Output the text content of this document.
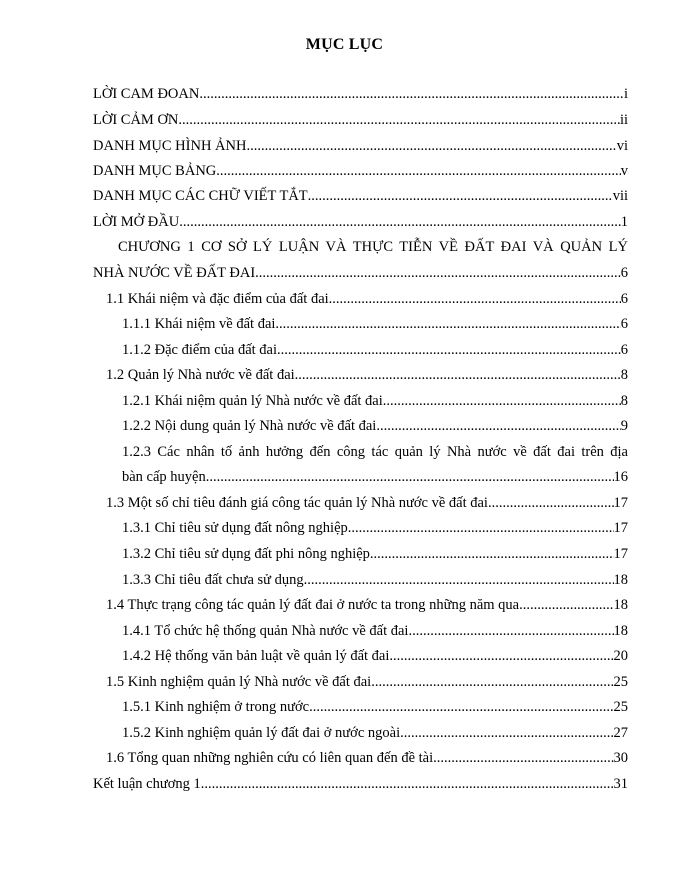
MỤC LỤC
LỜI CAM ĐOAN .....	i
LỜI CẢM ƠN .....	ii
DANH MỤC HÌNH ẢNH .....	vi
DANH MỤC BẢNG .....	v
DANH MỤC CÁC CHỮ VIẾT TẮT .....	vii
LỜI MỞ ĐẦU .....	1
CHƯƠNG 1 CƠ SỞ LÝ LUẬN VÀ THỰC TIỄN VỀ ĐẤT ĐAI VÀ QUẢN LÝ
NHÀ NƯỚC VỀ ĐẤT ĐAI .....	6
1.1 Khái niệm và đặc điểm của đất đai .....	6
1.1.1 Khái niệm về đất đai .....	6
1.1.2 Đặc điểm của đất đai .....	6
1.2 Quản lý Nhà nước về đất đai .....	8
1.2.1 Khái niệm quản lý Nhà nước về đất đai .....	8
1.2.2 Nội dung quản lý Nhà nước về đất đai .....	9
1.2.3 Các nhân tố ảnh hưởng đến công tác quản lý Nhà nước về đất đai trên địa
bàn cấp huyện .....	16
1.3 Một số chỉ tiêu đánh giá công tác quản lý Nhà nước về đất đai .....	17
1.3.1 Chỉ tiêu sử dụng đất nông nghiệp .....	17
1.3.2 Chỉ tiêu sử dụng đất phi nông nghiệp .....	17
1.3.3 Chỉ tiêu đất chưa sử dụng .....	18
1.4 Thực trạng công tác quản lý đất đai ở nước ta trong những năm qua .....	18
1.4.1 Tổ chức hệ thống quản Nhà nước về đất đai .....	18
1.4.2 Hệ thống văn bản luật về quản lý đất đai .....	20
1.5 Kinh nghiệm quản lý Nhà nước về đất đai .....	25
1.5.1 Kinh nghiệm ở trong nước .....	25
1.5.2 Kinh nghiệm quản lý đất đai ở nước ngoài .....	27
1.6 Tổng quan những nghiên cứu có liên quan đến đề tài .....	30
Kết luận chương 1 .....	31
